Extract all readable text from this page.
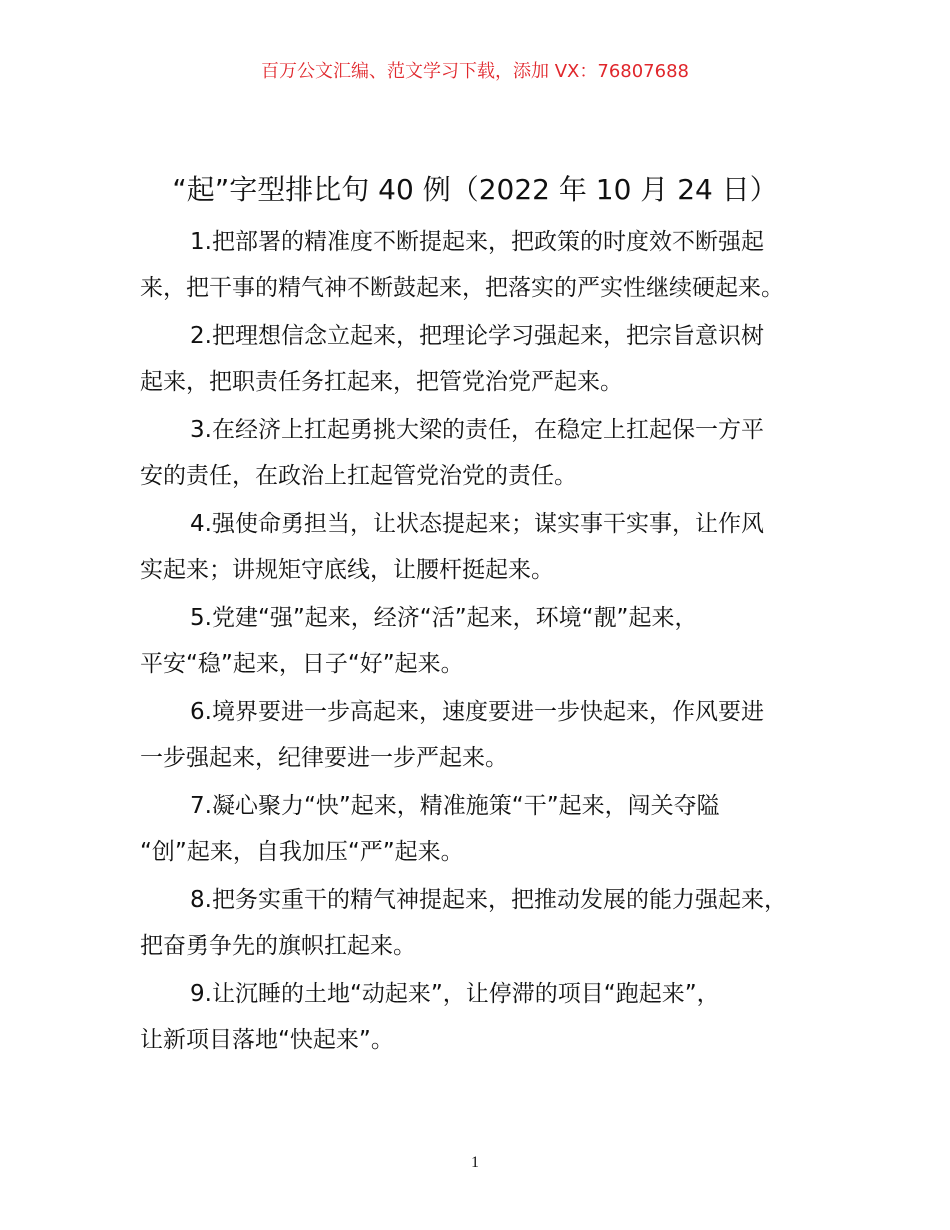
百万公文汇编、范文学习下载，添加 VX：76807688
“起”字型排比句 40 例（2022 年 10 月 24 日）
1.把部署的精准度不断提起来，把政策的时度效不断强起
来，把干事的精气神不断鼓起来，把落实的严实性继续硬起来。
2.把理想信念立起来，把理论学习强起来，把宗旨意识树
起来，把职责任务扛起来，把管党治党严起来。
3.在经济上扛起勇挑大梁的责任，在稳定上扛起保一方平
安的责任，在政治上扛起管党治党的责任。
4.强使命勇担当，让状态提起来；谋实事干实事，让作风
实起来；讲规矩守底线，让腰杆挺起来。
5.党建“强”起来，经济“活”起来，环境“靓”起来，
平安“稳”起来，日子“好”起来。
6.境界要进一步高起来，速度要进一步快起来，作风要进
一步强起来，纪律要进一步严起来。
7.凝心聚力“快”起来，精准施策“干”起来，闯关夺隘
“创”起来，自我加压“严”起来。
8.把务实重干的精气神提起来，把推动发展的能力强起来，
把奋勇争先的旗帜扛起来。
9.让沉睡的土地“动起来”，让停滞的项目“跑起来”，
让新项目落地“快起来”。
1
